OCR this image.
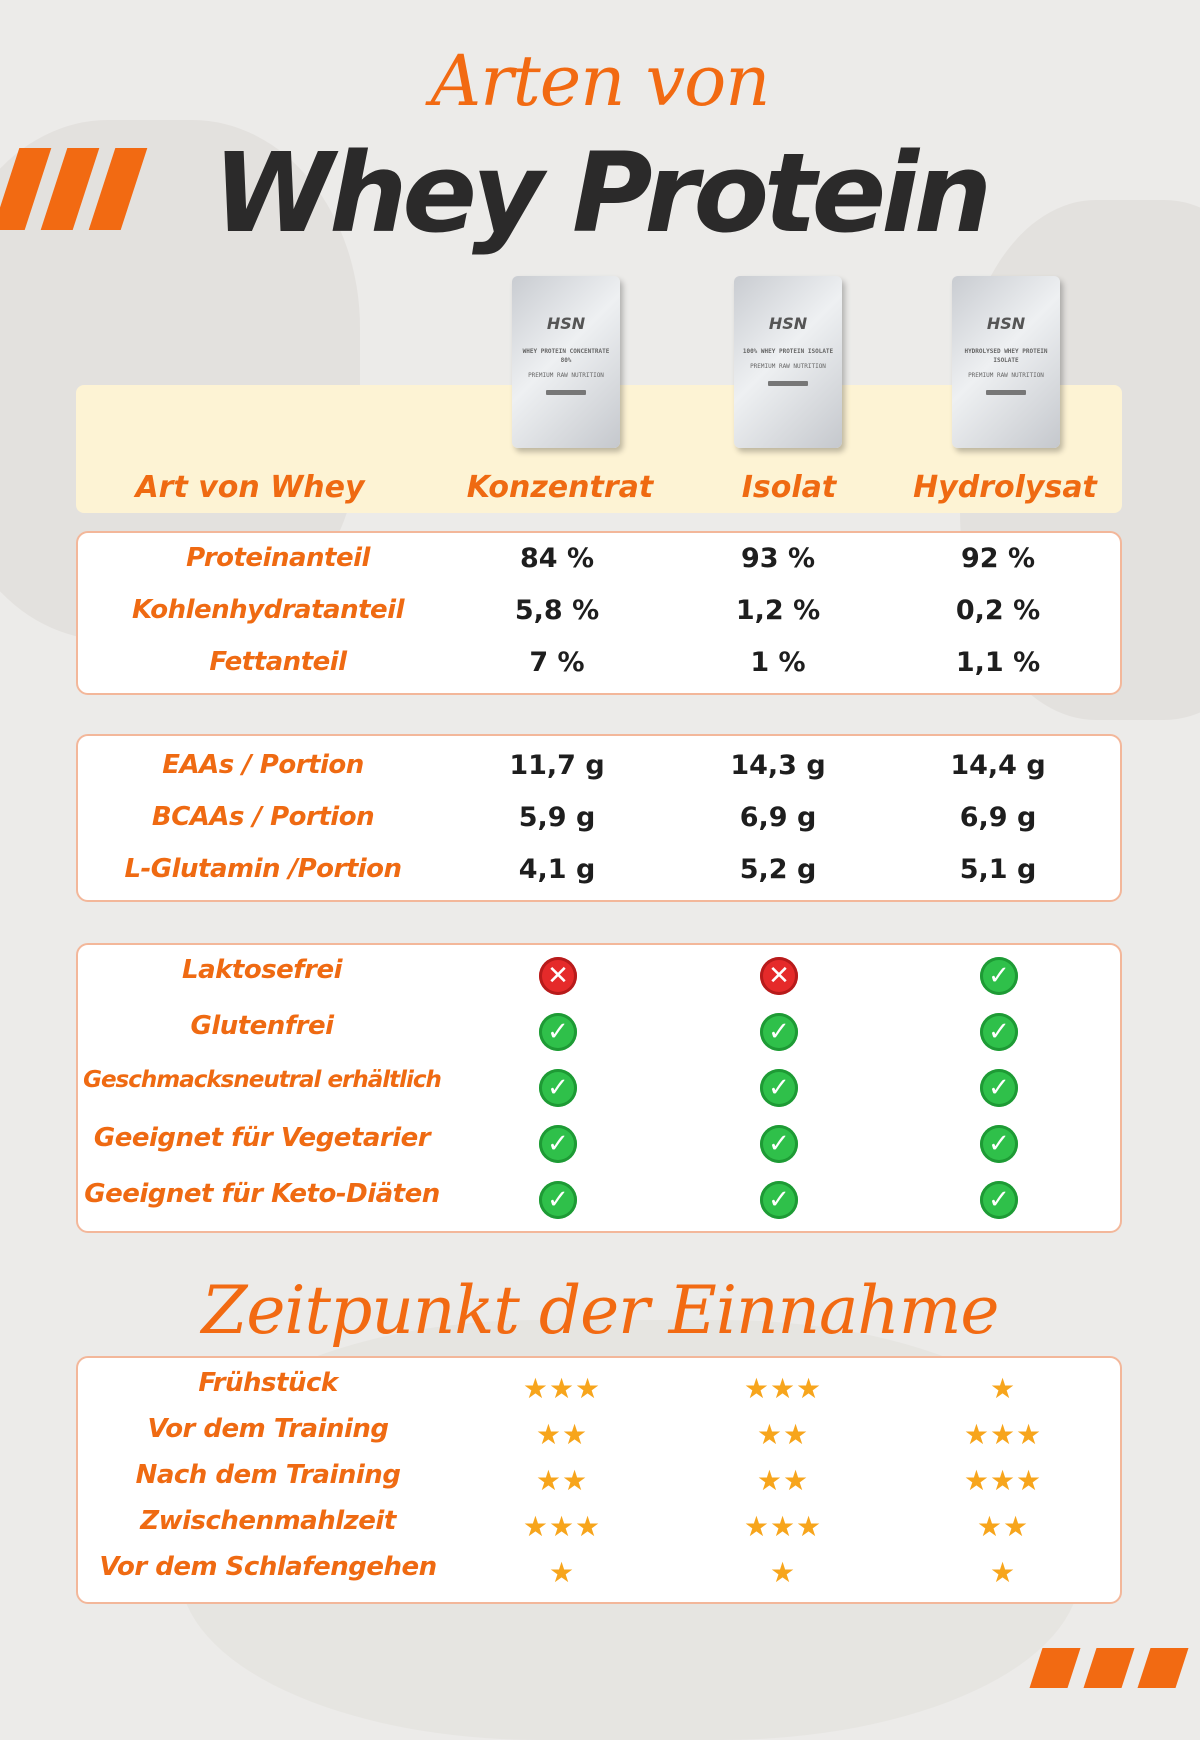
Arten von
Whey Protein
HSN
WHEY PROTEIN CONCENTRATE 80%
PREMIUM RAW NUTRITION
HSN
100% WHEY PROTEIN ISOLATE
PREMIUM RAW NUTRITION
HSN
HYDROLYSED WHEY PROTEIN ISOLATE
PREMIUM RAW NUTRITION
Art von Whey	Konzentrat	Isolat	Hydrolysat
Proteinanteil	84 %	93 %	92 %
Kohlenhydratanteil	5,8 %	1,2 %	0,2 %
Fettanteil	7 %	1 %	1,1 %
EAAs / Portion	11,7 g	14,3 g	14,4 g
BCAAs / Portion	5,9 g	6,9 g	6,9 g
L-Glutamin /Portion	4,1 g	5,2 g	5,1 g
Laktosefrei	✕	✕	✓
Glutenfrei	✓	✓	✓
Geschmacksneutral erhältlich	✓	✓	✓
Geeignet für Vegetarier	✓	✓	✓
Geeignet für Keto-Diäten	✓	✓	✓
Zeitpunkt der Einnahme
Frühstück	★★★	★★★	★
Vor dem Training	★★	★★	★★★
Nach dem Training	★★	★★	★★★
Zwischenmahlzeit	★★★	★★★	★★
Vor dem Schlafengehen	★	★	★
